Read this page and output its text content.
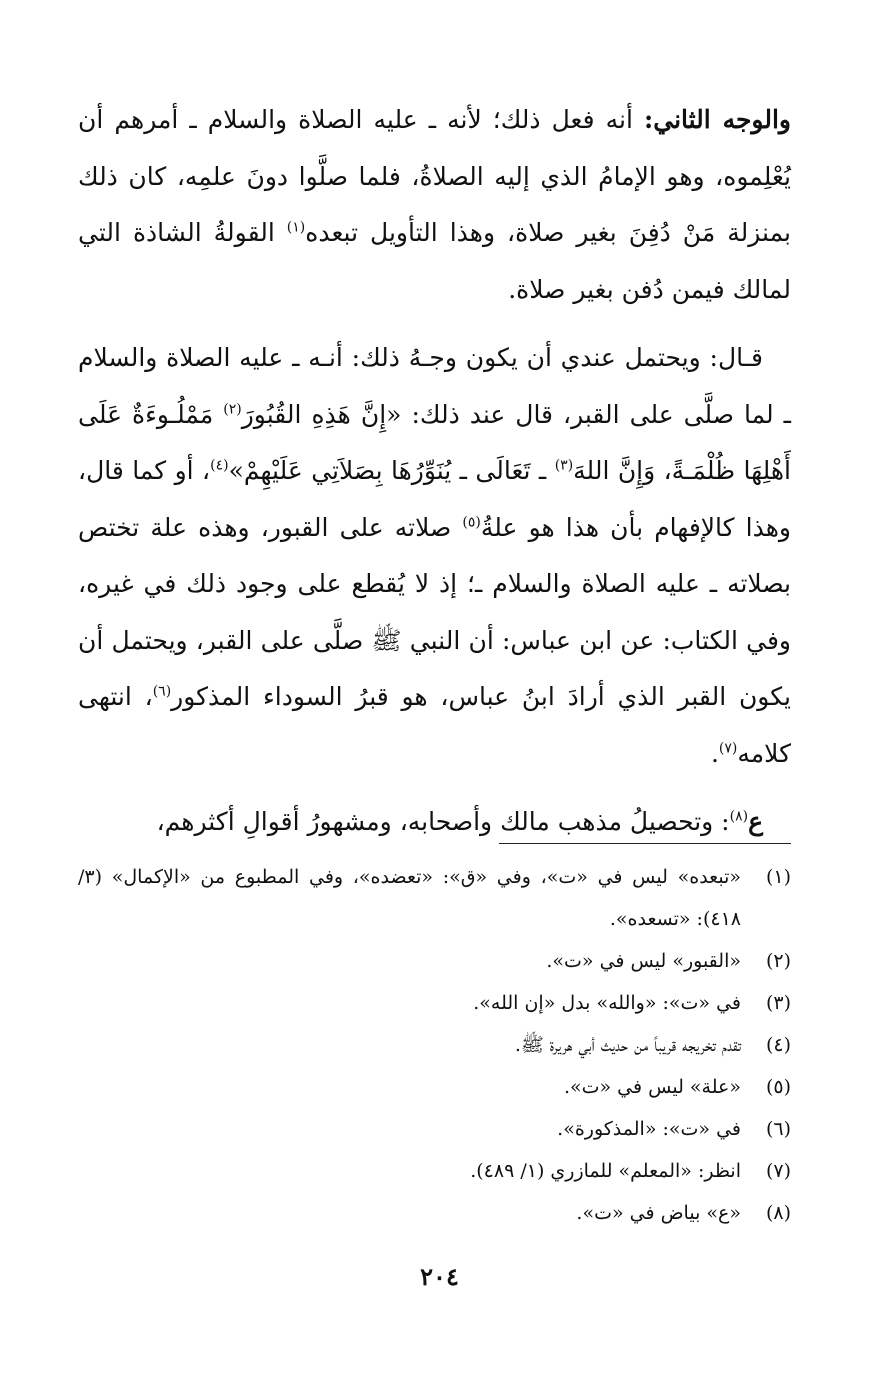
والوجه الثاني: أنه فعل ذلك؛ لأنه ـ عليه الصلاة والسلام ـ أمرهم أن يُعْلِموه، وهو الإمامُ الذي إليه الصلاةُ، فلما صلَّوا دونَ علمِه، كان ذلك بمنزلة مَنْ دُفِنَ بغير صلاة، وهذا التأويل تبعده$^{(١)}$ القولةُ الشاذة التي لمالك فيمن دُفن بغير صلاة.

قـال: ويحتمل عندي أن يكون وجـهُ ذلك: أنـه ـ عليه الصلاة والسلام ـ لما صلَّى على القبر، قال عند ذلك: «إِنَّ هَذِهِ القُبُورَ$^{(٢)}$ مَمْلُـوءَةٌ عَلَى أَهْلِهَا ظُلْمَـةً، وَإِنَّ اللهَ$^{(٣)}$ ـ تَعَالَى ـ يُنَوِّرُهَا بِصَلاَتِي عَلَيْهِمْ»$^{(٤)}$، أو كما قال، وهذا كالإفهام بأن هذا هو علةُ$^{(٥)}$ صلاته على القبور، وهذه علة تختص بصلاته ـ عليه الصلاة والسلام ـ؛ إذ لا يُقطع على وجود ذلك في غيره، وفي الكتاب: عن ابن عباس: أن النبي ﷺ صلَّى على القبر، ويحتمل أن يكون القبر الذي أرادَ ابنُ عباس، هو قبرُ السوداء المذكور$^{(٦)}$، انتهى كلامه$^{(٧)}$.

ع$^{(٨)}$: وتحصيلُ مذهب مالك وأصحابه، ومشهورُ أقوالِ أكثرهم،

(١)
«تبعده» ليس في «ت»، وفي «ق»: «تعضده»، وفي المطبوع من «الإكمال» (٣/ ٤١٨): «تسعده».
(٢)
«القبور» ليس في «ت».
(٣)
في «ت»: «والله» بدل «إن الله».
(٤)
تقدم تخريجه قريباً من حديث أبي هريرة ﷺ.
(٥)
«علة» ليس في «ت».
(٦)
في «ت»: «المذكورة».
(٧)
انظر: «المعلم» للمازري (١/ ٤٨٩).
(٨)
«ع» بياض في «ت».
٢٠٤
